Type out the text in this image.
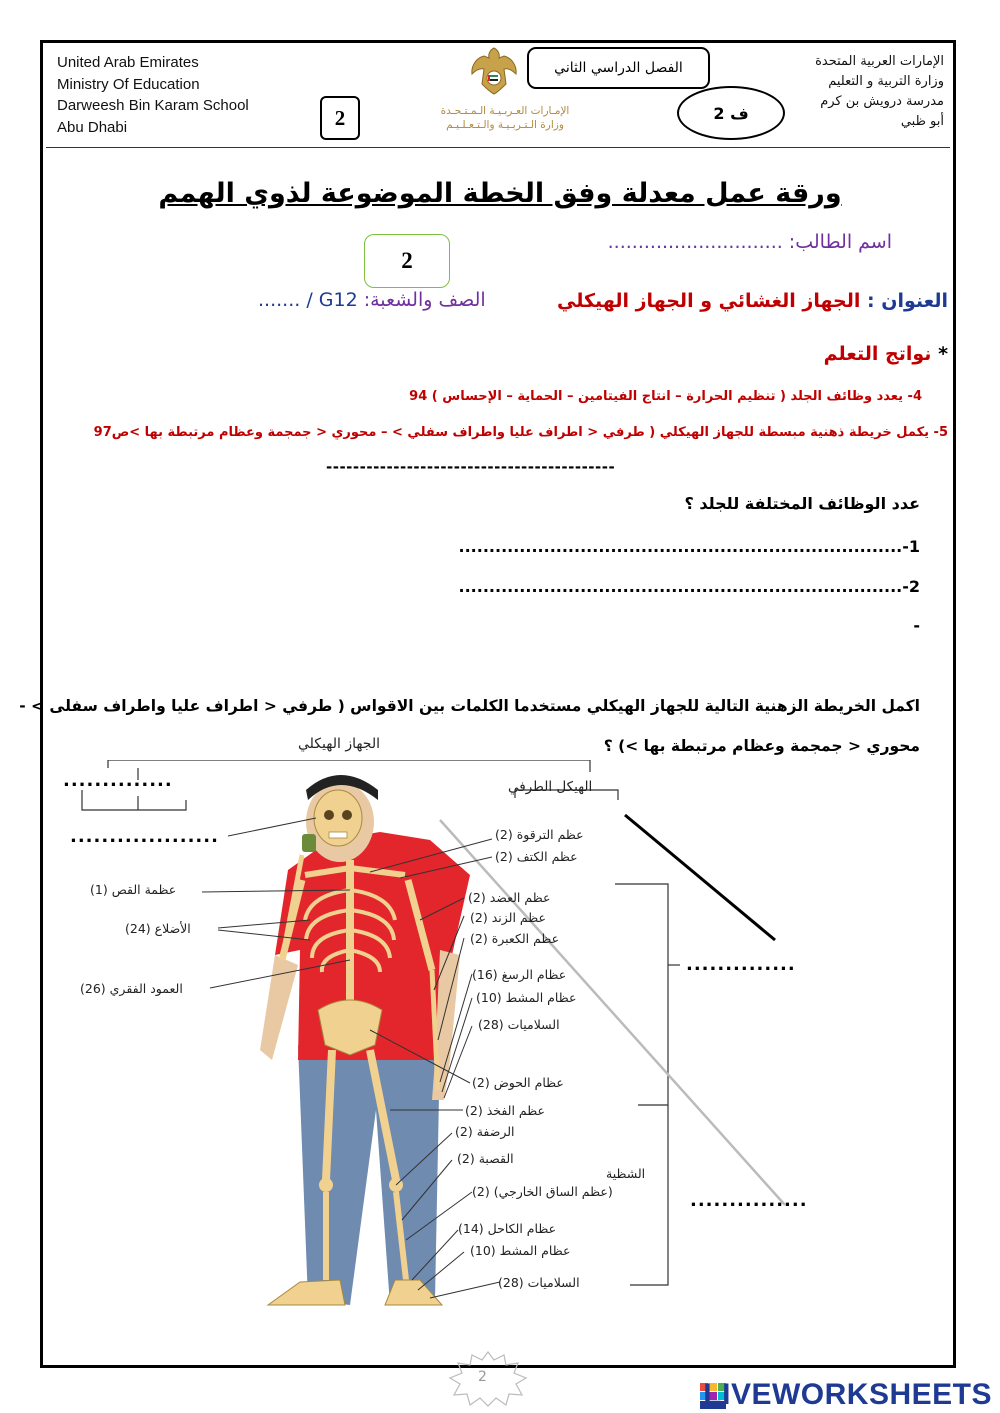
United Arab Emirates
Ministry Of Education
Darweesh Bin Karam School
Abu Dhabi
الإمارات العربية المتحدة
وزارة التربية و التعليم
مدرسة درويش بن كرم
أبو ظبي
2	الإمـارات العـربـيـة الـمـتـحـدة
وزارة الـتـربـيـة والـتـعـلـيـم
الفصل الدراسي الثاني
ف 2
ورقة عمل معدلة وفق الخطة الموضوعة لذوي الهمم
اسم الطالب: .............................
2
العنوان : الجهاز الغشائي و الجهاز الهيكلي
الصف والشعبة: G12 / .......
* نواتج التعلم
4- يعدد وظائف الجلد ( تنظيم الحرارة – انتاج الفيتامين – الحماية – الإحساس ) 94
5- يكمل خريطة ذهنية مبسطة للجهاز الهيكلي ( طرفي < اطراف عليا واطراف سفلي > – محوري < جمجمة وعظام مرتبطة بها >ص97
-------------------------------------------
عدد الوظائف المختلفة للجلد ؟
1-.........................................................................
2-.........................................................................
-
اكمل الخريطة الزهنية التالية للجهاز الهيكلي مستخدما الكلمات بين الاقواس ( طرفي < اطراف عليا واطراف سفلى > -
محوري < جمجمة وعظام مرتبطة بها >) ؟
الجهاز الهيكلي
الهيكل الطرفي
..............
...................
..............
...............
عظمة القص (1)
الأضلاع (24)
العمود الفقري (26)
عظم الترقوة (2)
عظم الكتف (2)
عظم العضد (2)
عظم الزند (2)
عظم الكعبرة (2)
عظام الرسغ (16)
عظام المشط (10)
السلاميات (28)
عظام الحوض (2)
عظم الفخذ (2)
الرضفة (2)
القصبة (2)
الشظية
(عظم الساق الخارجي) (2)
عظام الكاحل (14)
عظام المشط (10)
السلاميات (28)
2
LIVEWORKSHEETS
